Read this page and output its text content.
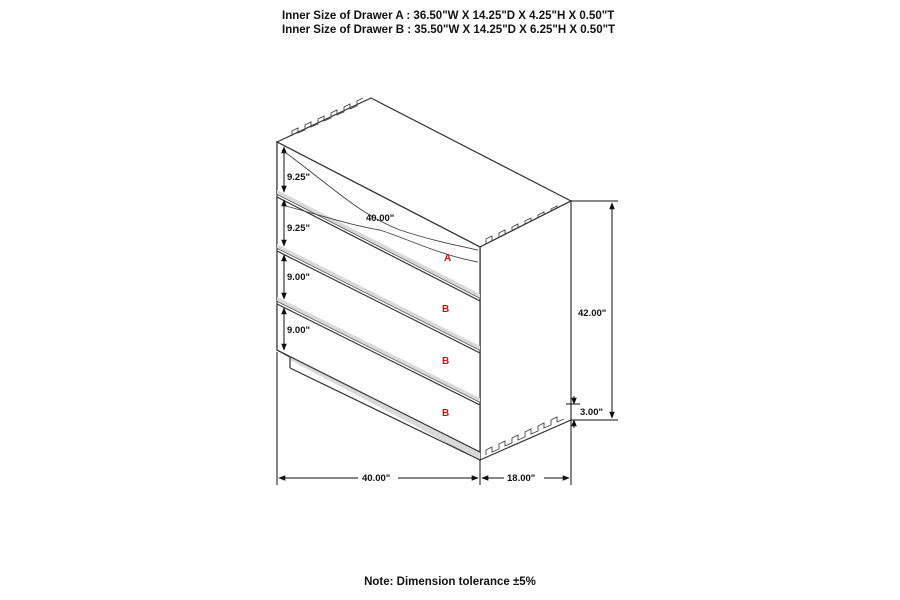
Inner Size of Drawer A : 36.50"W X 14.25"D X 4.25"H X 0.50"T
Inner Size of Drawer B : 35.50"W X 14.25"D X 6.25"H X 0.50"T
A
B
B
B
9.25"
9.25"
9.00"
9.00"
40.00"
42.00"
3.00"
40.00"	18.00"
Note: Dimension tolerance ±5%
